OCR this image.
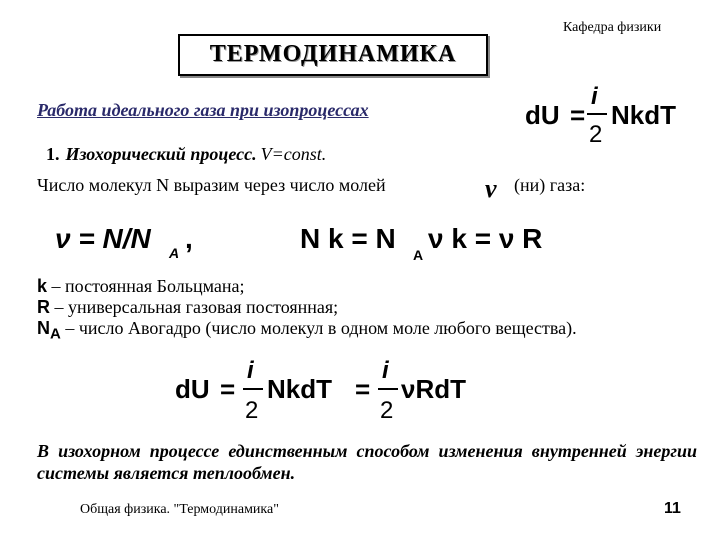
Кафедра физики
ТЕРМОДИНАМИКА
dU =
i
2
NkdT
Работа идеального газа при изопроцессах
1. Изохорический процесс. V=const.
Число молекул N выразим через число молей	ν (ни) газа:
ν = N/N A ,	N k = N
A
ν k = ν R
k – постоянная Больцмана;
R – универсальная газовая постоянная;
$N_A$ – число Авогадро (число молекул в одном моле любого вещества).
dU =
i
2
NkdT =
i
2
νRdT
В изохорном процессе единственным способом изменения внутренней энергии системы является теплообмен.
Общая физика. "Термодинамика"	11
